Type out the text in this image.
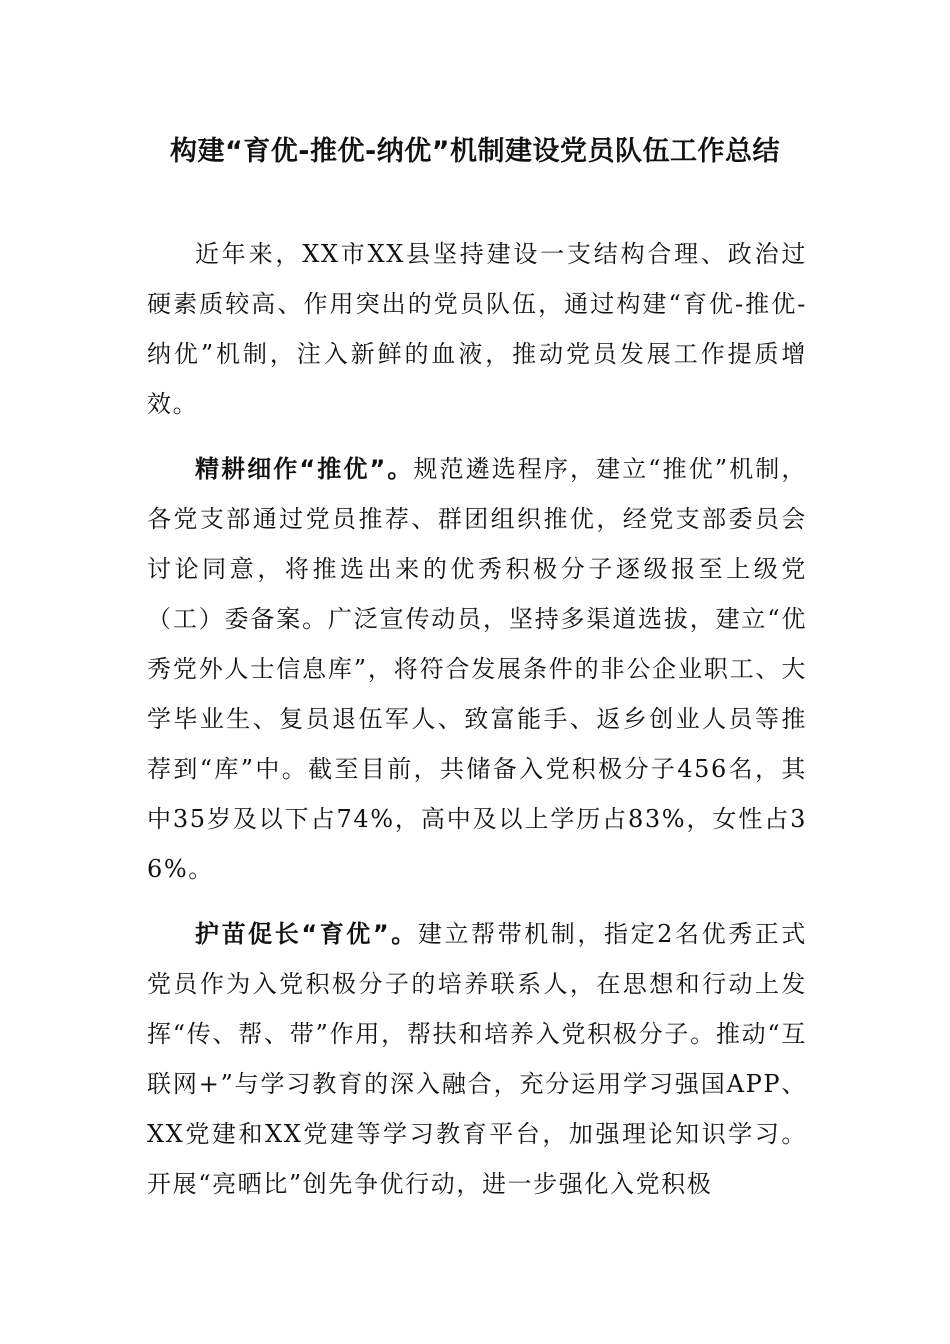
构建“育优-推优-纳优”机制建设党员队伍工作总结

近年来，XX市XX县坚持建设一支结构合理、政治过硬素质较高、作用突出的党员队伍，通过构建“育优-推优-纳优”机制，注入新鲜的血液，推动党员发展工作提质增效。

精耕细作“推优”。规范遴选程序，建立“推优”机制，各党支部通过党员推荐、群团组织推优，经党支部委员会讨论同意，将推选出来的优秀积极分子逐级报至上级党（工）委备案。广泛宣传动员，坚持多渠道选拔，建立“优秀党外人士信息库”，将符合发展条件的非公企业职工、大学毕业生、复员退伍军人、致富能手、返乡创业人员等推荐到“库”中。截至目前，共储备入党积极分子456名，其中35岁及以下占74%，高中及以上学历占83%，女性占36%。

护苗促长“育优”。建立帮带机制，指定2名优秀正式党员作为入党积极分子的培养联系人，在思想和行动上发挥“传、帮、带”作用，帮扶和培养入党积极分子。推动“互联网+”与学习教育的深入融合，充分运用学习强国APP、XX党建和XX党建等学习教育平台，加强理论知识学习。开展“亮晒比”创先争优行动，进一步强化入党积极
